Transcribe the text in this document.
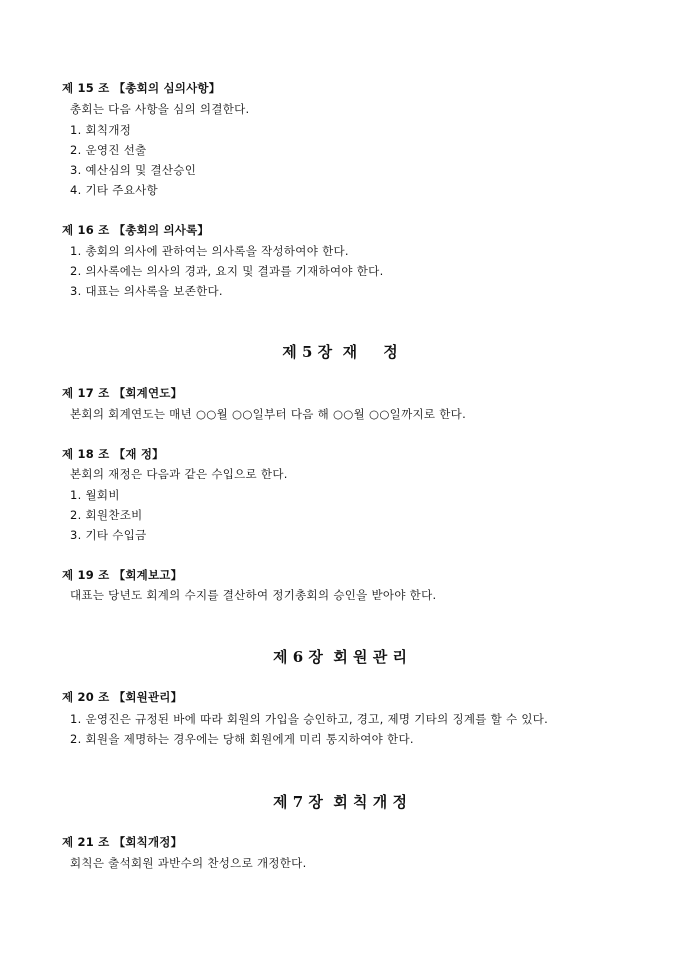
제 15 조 【총회의 심의사항】
총회는 다음 사항을 심의 의결한다.
1. 회칙개정
2. 운영진 선출
3. 예산심의 및 결산승인
4. 기타 주요사항
제 16 조 【총회의 의사록】
1. 총회의 의사에 관하여는 의사록을 작성하여야 한다.
2. 의사록에는 의사의 경과, 요지 및 결과를 기재하여야 한다.
3. 대표는 의사록을 보존한다.
제 5 장  재     정
제 17 조 【회계연도】
본회의 회계연도는 매년 ○○월 ○○일부터 다음 해 ○○월 ○○일까지로 한다.
제 18 조 【재 정】
본회의 재정은 다음과 같은 수입으로 한다.
1. 월회비
2. 회원찬조비
3. 기타 수입금
제 19 조 【회계보고】
대표는 당년도 회계의 수지를 결산하여 정기총회의 승인을 받아야 한다.
제 6 장  회 원 관 리
제 20 조 【회원관리】
1. 운영진은 규정된 바에 따라 회원의 가입을 승인하고, 경고, 제명 기타의 징계를 할 수 있다.
2. 회원을 제명하는 경우에는 당해 회원에게 미리 통지하여야 한다.
제 7 장  회 칙 개 정
제 21 조 【회칙개정】
회칙은 출석회원 과반수의 찬성으로 개정한다.
